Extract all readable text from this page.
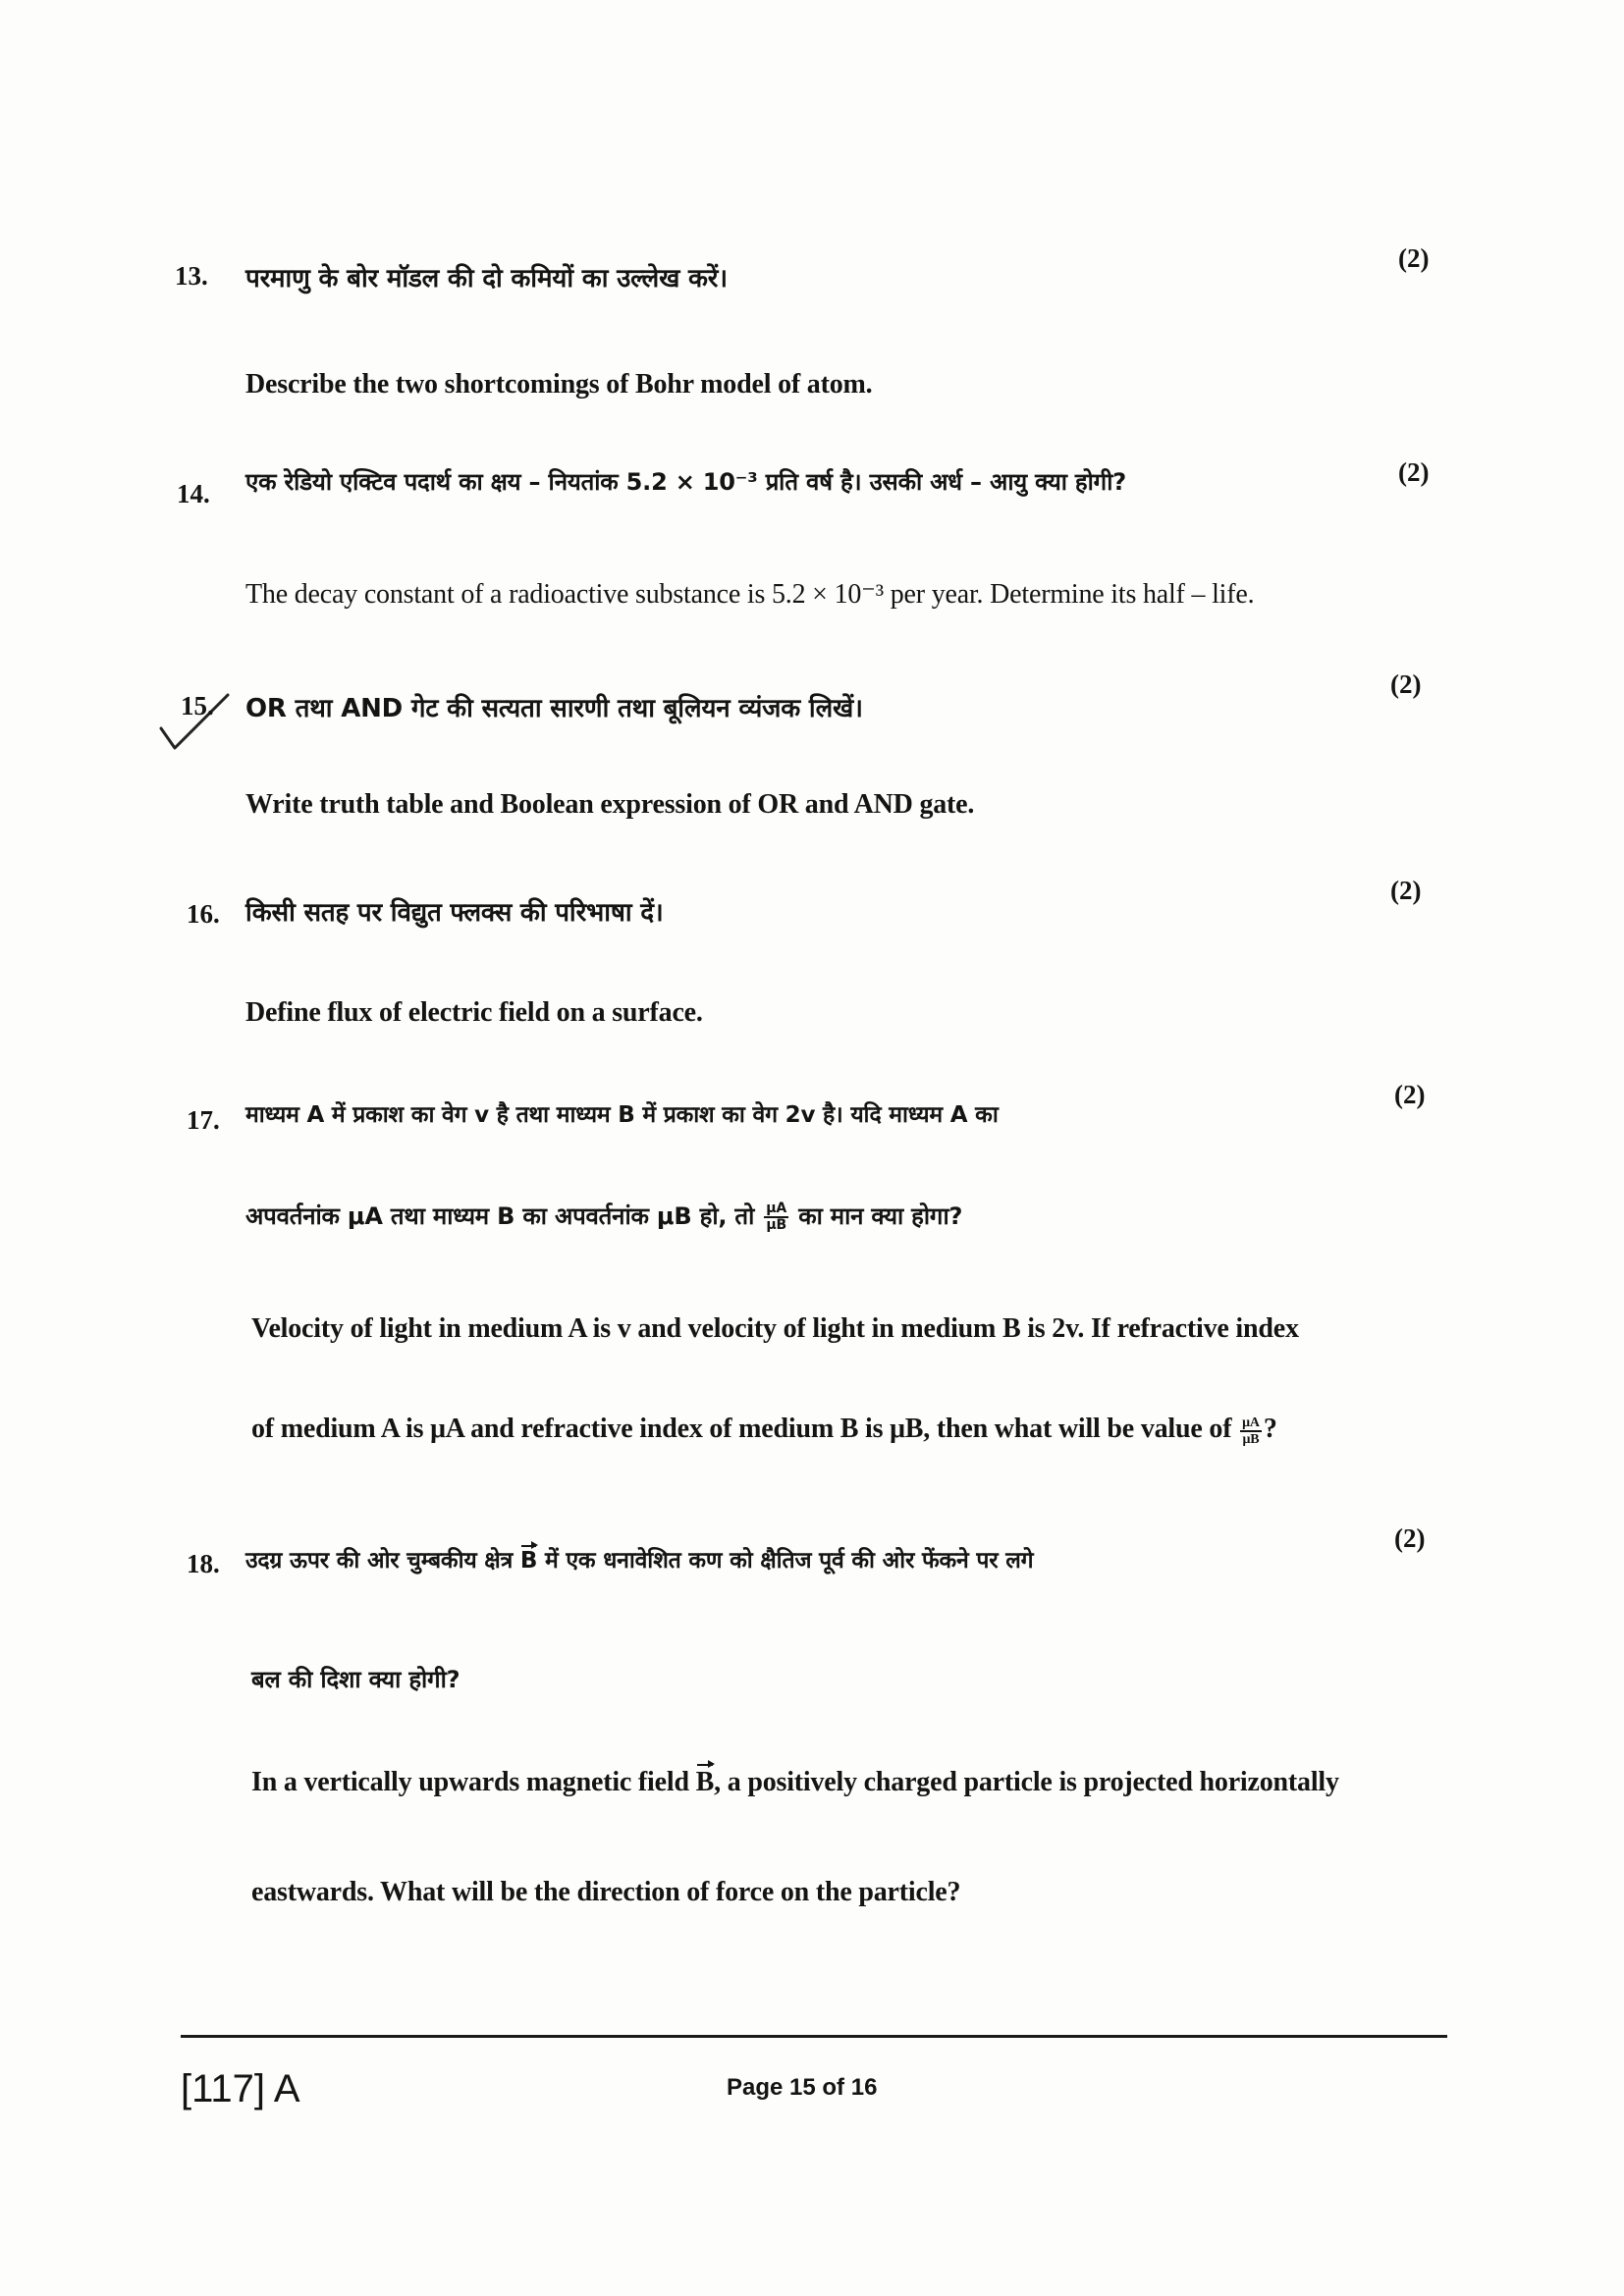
13. परमाणु के बोर मॉडल की दो कमियों का उल्लेख करें।
(2)
Describe the two shortcomings of Bohr model of atom.
14. एक रेडियो एक्टिव पदार्थ का क्षय – नियतांक 5.2 × 10⁻³ प्रति वर्ष है। उसकी अर्ध – आयु क्या होगी?	(2)
The decay constant of a radioactive substance is 5.2 × 10⁻³ per year. Determine its half – life.
15. OR तथा AND गेट की सत्यता सारणी तथा बूलियन व्यंजक लिखें।
(2)
Write truth table and Boolean expression of OR and AND gate.
16. किसी सतह पर विद्युत फ्लक्स की परिभाषा दें।
(2)
Define flux of electric field on a surface.
17. माध्यम A में प्रकाश का वेग v है तथा माध्यम B में प्रकाश का वेग 2v है। यदि माध्यम A का
(2)
अपवर्तनांक μA तथा माध्यम B का अपवर्तनांक μB हो, तो $\frac{\mu A}{\mu B}$ का मान क्या होगा?
Velocity of light in medium A is v and velocity of light in medium B is 2v. If refractive index
of medium A is μA and refractive index of medium B is μB, then what will be value of $\frac{\mu A}{\mu B}$ ?
18. उदग्र ऊपर की ओर चुम्बकीय क्षेत्र B में एक धनावेशित कण को क्षैतिज पूर्व की ओर फेंकने पर लगे
(2)
बल की दिशा क्या होगी?
In a vertically upwards magnetic field B, a positively charged particle is projected horizontally
eastwards. What will be the direction of force on the particle?
[117] A	Page 15 of 16
